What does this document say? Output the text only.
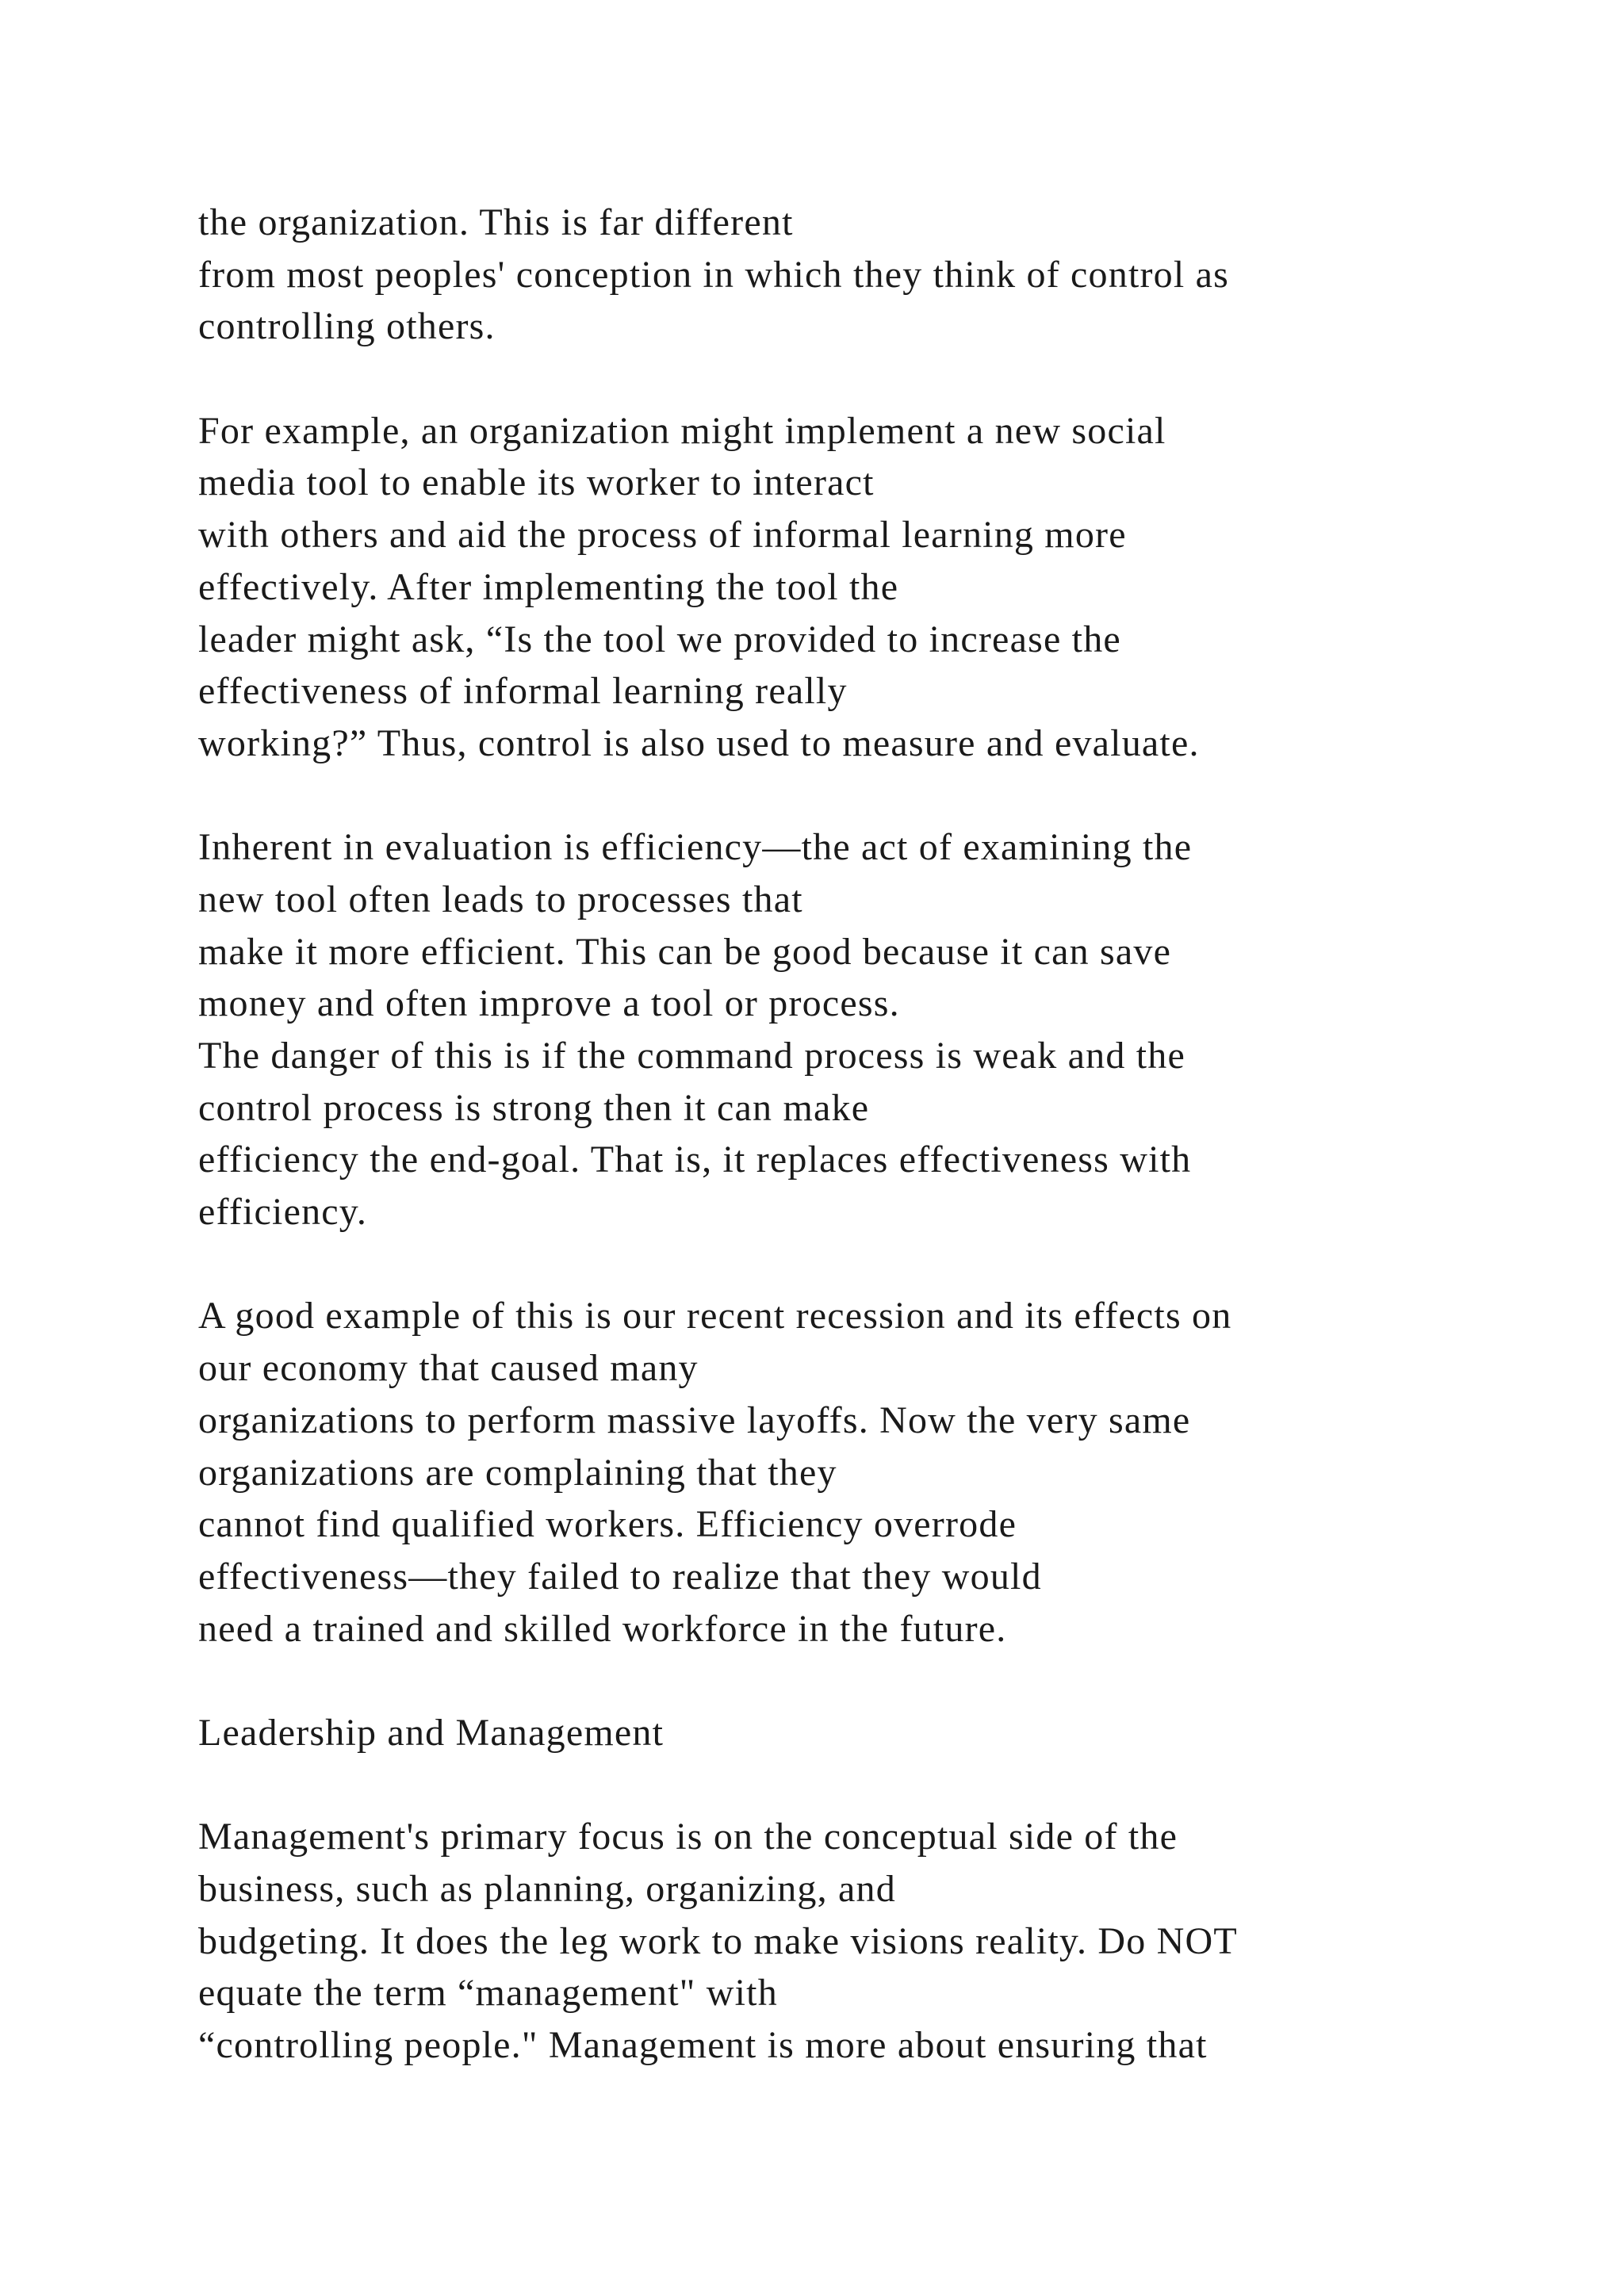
the organization. This is far different
from most peoples' conception in which they think of control as
controlling others.
For example, an organization might implement a new social
media tool to enable its worker to interact
with others and aid the process of informal learning more
effectively. After implementing the tool the
leader might ask, “Is the tool we provided to increase the
effectiveness of informal learning really
working?” Thus, control is also used to measure and evaluate.
Inherent in evaluation is efficiency—the act of examining the
new tool often leads to processes that
make it more efficient. This can be good because it can save
money and often improve a tool or process.
The danger of this is if the command process is weak and the
control process is strong then it can make
efficiency the end-goal. That is, it replaces effectiveness with
efficiency.
A good example of this is our recent recession and its effects on
our economy that caused many
organizations to perform massive layoffs. Now the very same
organizations are complaining that they
cannot find qualified workers. Efficiency overrode
effectiveness—they failed to realize that they would
need a trained and skilled workforce in the future.
Leadership and Management
Management's primary focus is on the conceptual side of the
business, such as planning, organizing, and
budgeting. It does the leg work to make visions reality. Do NOT
equate the term “management" with
“controlling people." Management is more about ensuring that
